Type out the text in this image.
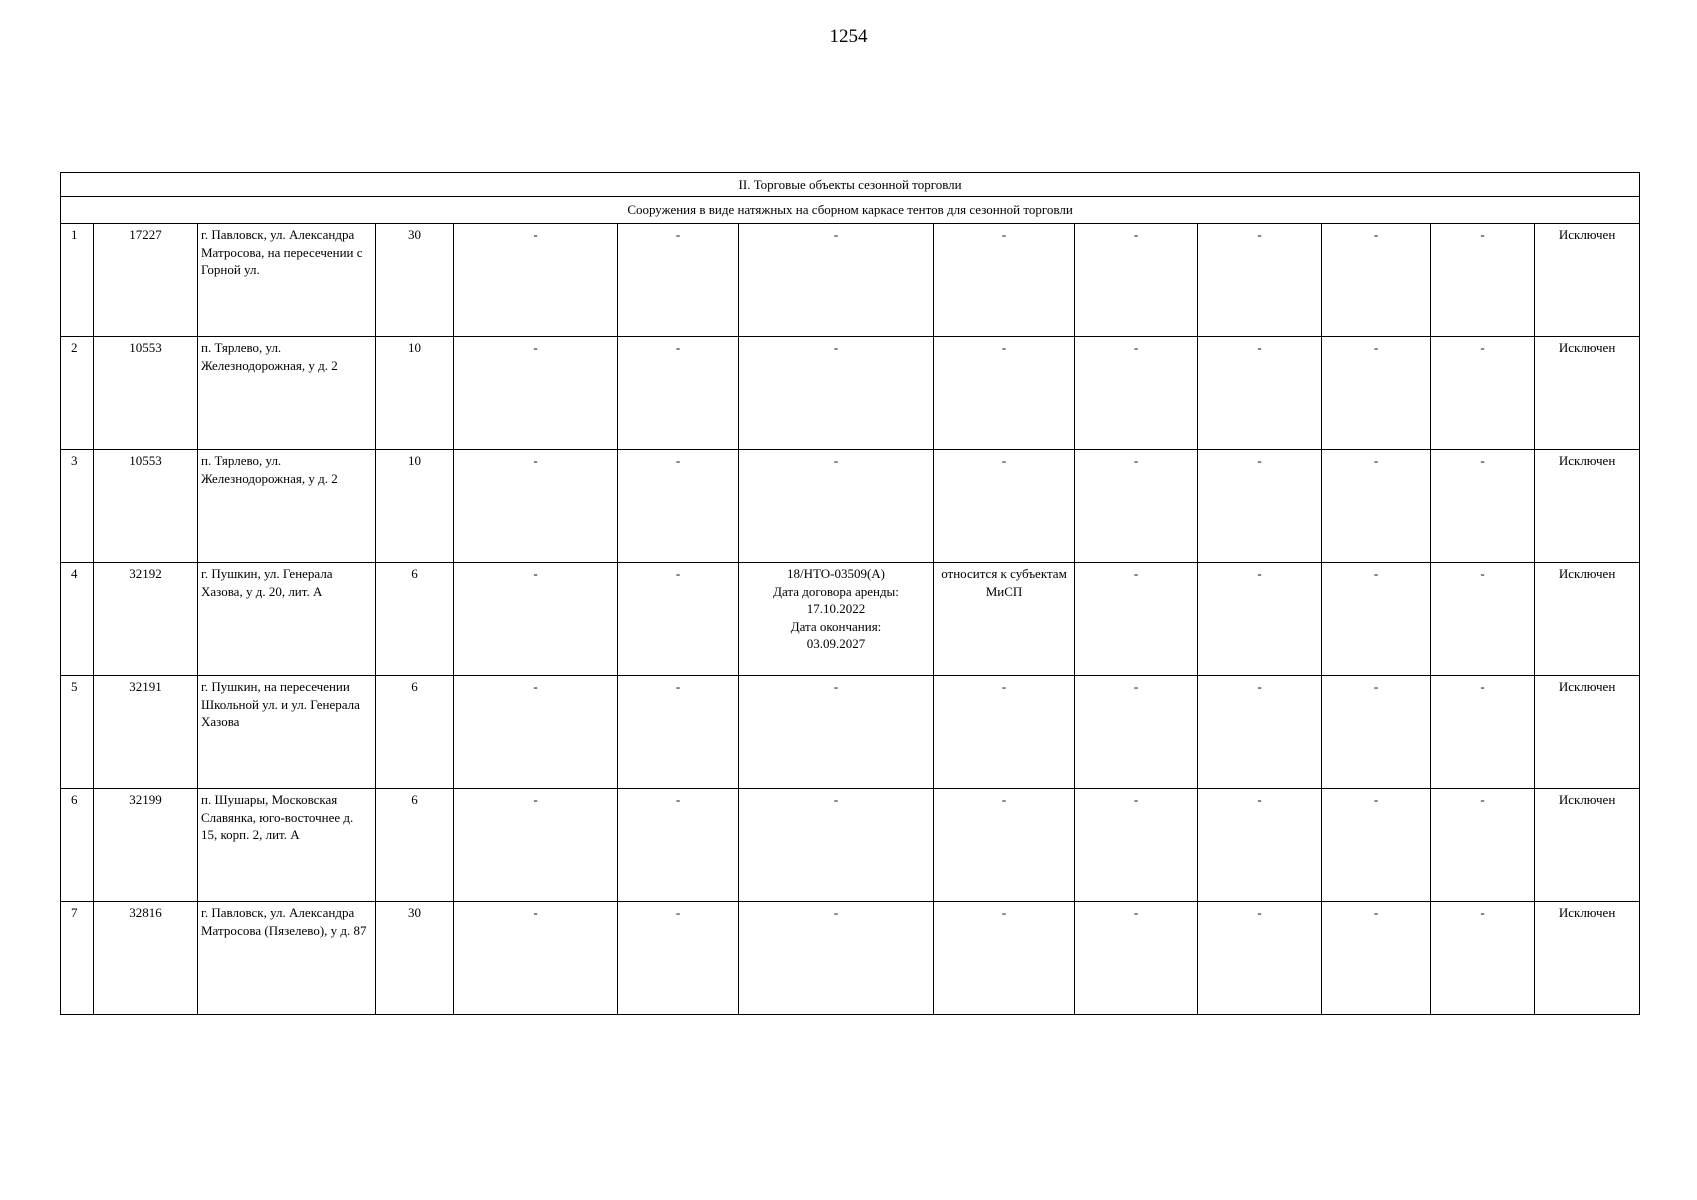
1254
II. Торговые объекты сезонной торговли												
Сооружения в виде натяжных на сборном каркасе тентов для сезонной торговли												
1	17227	г. Павловск, ул. Александра Матросова, на пересечении с Горной ул.	30	-	-	-	-	-	-	-	-	Исключен
2	10553	п. Тярлево, ул. Железнодорожная, у д. 2	10	-	-	-	-	-	-	-	-	Исключен
3	10553	п. Тярлево, ул. Железнодорожная, у д. 2	10	-	-	-	-	-	-	-	-	Исключен
4	32192	г. Пушкин, ул. Генерала Хазова, у д. 20, лит. А	6	-	-	18/НТО-03509(А)
Дата договора аренды:
17.10.2022
Дата окончания:
03.09.2027	относится к субъектам МиСП	-	-	-	-	Исключен
5	32191	г. Пушкин, на пересечении Школьной ул. и ул. Генерала Хазова	6	-	-	-	-	-	-	-	-	Исключен
6	32199	п. Шушары, Московская Славянка, юго-восточнее д. 15, корп. 2, лит. А	6	-	-	-	-	-	-	-	-	Исключен
7	32816	г. Павловск, ул. Александра Матросова (Пязелево), у д. 87	30	-	-	-	-	-	-	-	-	Исключен
